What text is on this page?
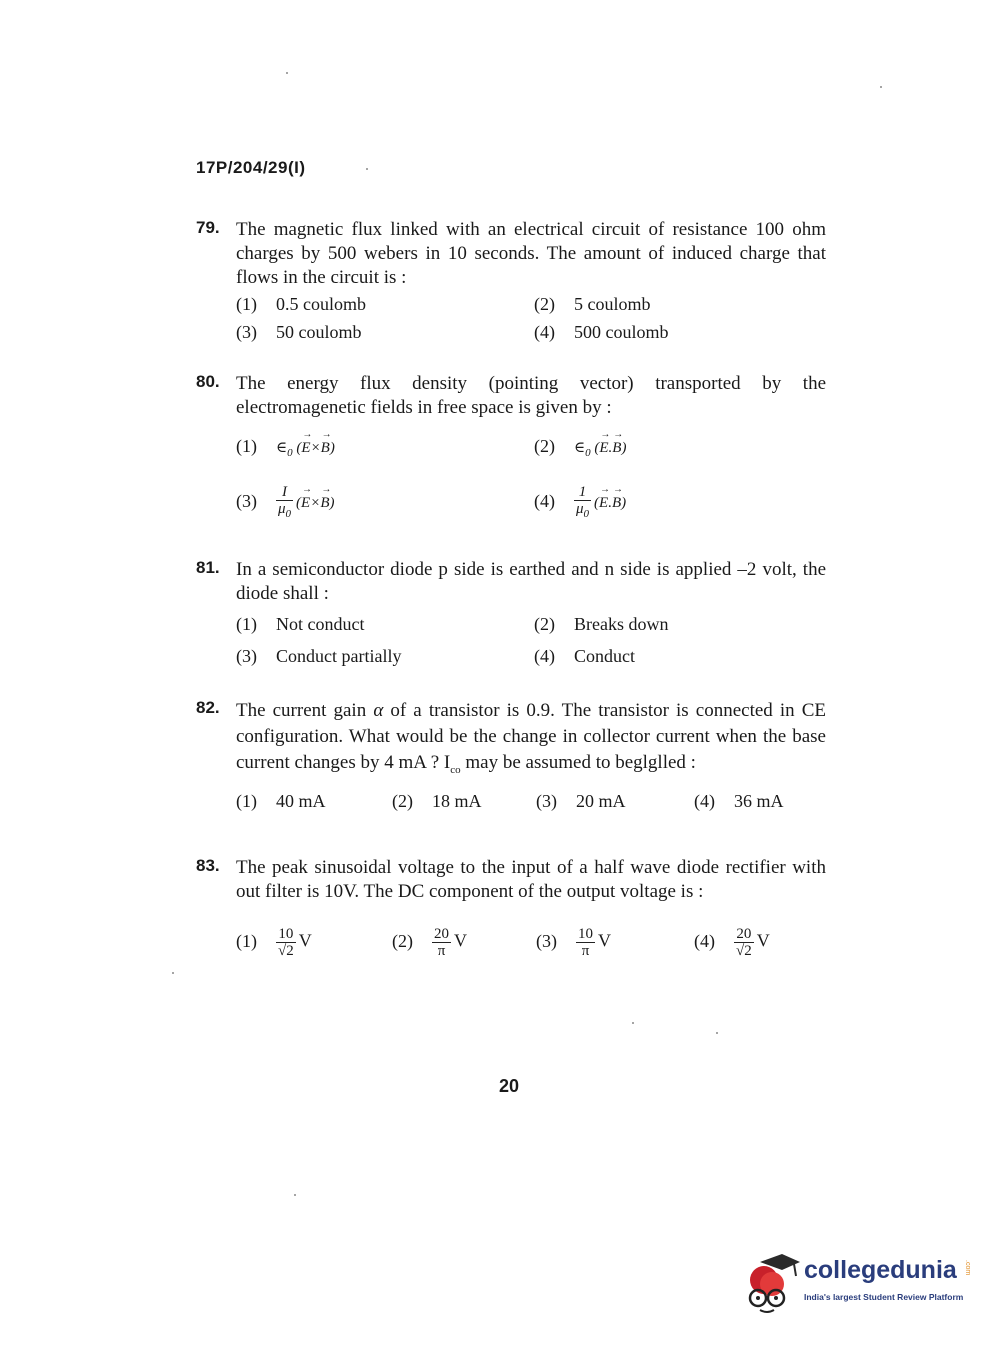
17P/204/29(I)
79. The magnetic flux linked with an electrical circuit of resistance 100 ohm charges by 500 webers in 10 seconds. The amount of induced charge that flows in the circuit is :
(1) 0.5 coulomb	(2) 5 coulomb
(3) 50 coulomb	(4) 500 coulomb
80. The energy flux density (pointing vector) transported by the electromagenetic fields in free space is given by :
(1) $\in_0$ (→ E×→ B)	(2) $\in_0$ (→ E.→ B)
$(3) \frac{I}{\mu_0}$ (→ E×→ B)	$(4) \frac{1}{\mu_0}$ (→ E.→ B)
81. In a semiconductor diode p side is earthed and n side is applied –2 volt, the diode shall :
(1) Not conduct	(2) Breaks down
(3) Conduct partially	(4) Conduct
82. The current gain α of a transistor is 0.9. The transistor is connected in CE configuration. What would be the change in collector current when the base current changes by 4 mA ? $I_{co}$ may be assumed to beglglled :
(1) 40 mA	(2) 18 mA	(3) 20 mA	(4) 36 mA
83. The peak sinusoidal voltage to the input of a half wave diode rectifier with out filter is 10V. The DC component of the output voltage is :
$(1) \frac{10}{√2}$ V	$(2) \frac{20}{\pi}$ V	$(3) \frac{10}{\pi}$ V	$(4) \frac{20}{√2}$ V
20
collegedunia .com
India's largest Student Review Platform
